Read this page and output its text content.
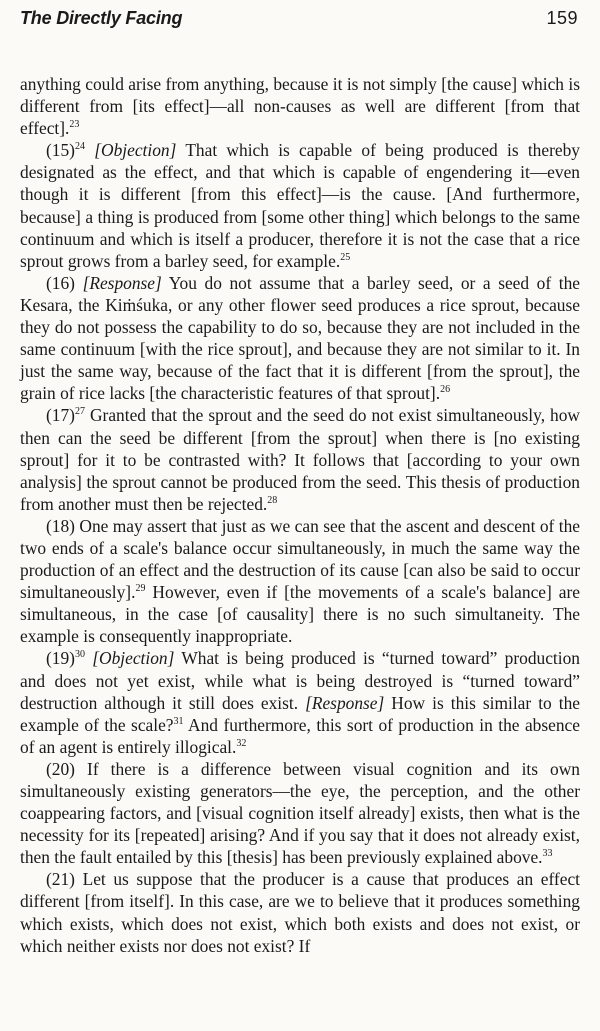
The Directly Facing	159

anything could arise from anything, because it is not simply [the cause] which is different from [its effect]—all non-causes as well are different [from that effect].$^{23}$

(15)$^{24}$ [Objection] That which is capable of being produced is thereby designated as the effect, and that which is capable of engendering it—even though it is different [from this effect]—is the cause. [And furthermore, because] a thing is produced from [some other thing] which belongs to the same continuum and which is itself a producer, therefore it is not the case that a rice sprout grows from a barley seed, for example.$^{25}$

(16) [Response] You do not assume that a barley seed, or a seed of the Kesara, the Kiṁśuka, or any other flower seed produces a rice sprout, because they do not possess the capability to do so, because they are not included in the same continuum [with the rice sprout], and because they are not similar to it. In just the same way, because of the fact that it is different [from the sprout], the grain of rice lacks [the characteristic features of that sprout].$^{26}$

(17)$^{27}$ Granted that the sprout and the seed do not exist simultaneously, how then can the seed be different [from the sprout] when there is [no existing sprout] for it to be contrasted with? It follows that [according to your own analysis] the sprout cannot be produced from the seed. This thesis of production from another must then be rejected.$^{28}$

(18) One may assert that just as we can see that the ascent and descent of the two ends of a scale's balance occur simultaneously, in much the same way the production of an effect and the destruction of its cause [can also be said to occur simultaneously].$^{29}$ However, even if [the movements of a scale's balance] are simultaneous, in the case [of causality] there is no such simultaneity. The example is consequently inappropriate.

(19)$^{30}$ [Objection] What is being produced is “turned toward” production and does not yet exist, while what is being destroyed is “turned toward” destruction although it still does exist. [Response] How is this similar to the example of the scale?$^{31}$ And furthermore, this sort of production in the absence of an agent is entirely illogical.$^{32}$

(20) If there is a difference between visual cognition and its own simultaneously existing generators—the eye, the perception, and the other coappearing factors, and [visual cognition itself already] exists, then what is the necessity for its [repeated] arising? And if you say that it does not already exist, then the fault entailed by this [thesis] has been previously explained above.$^{33}$

(21) Let us suppose that the producer is a cause that produces an effect different [from itself]. In this case, are we to believe that it produces something which exists, which does not exist, which both exists and does not exist, or which neither exists nor does not exist? If
